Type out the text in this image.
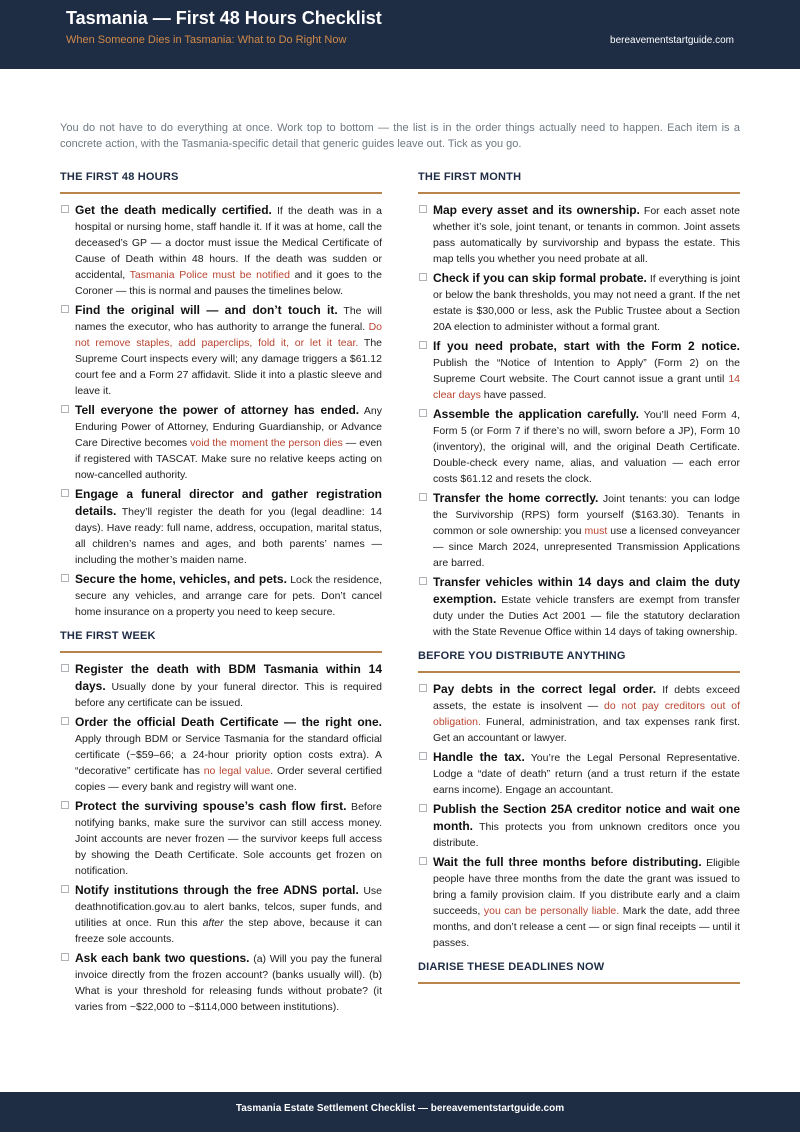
Tasmania — First 48 Hours Checklist
When Someone Dies in Tasmania: What to Do Right Now	bereavementstartguide.com
You do not have to do everything at once. Work top to bottom — the list is in the order things actually need to happen. Each item is a concrete action, with the Tasmania-specific detail that generic guides leave out. Tick as you go.
THE FIRST 48 HOURS
Get the death medically certified. If the death was in a hospital or nursing home, staff handle it. If it was at home, call the deceased’s GP — a doctor must issue the Medical Certificate of Cause of Death within 48 hours. If the death was sudden or accidental, Tasmania Police must be notified and it goes to the Coroner — this is normal and pauses the timelines below.
Find the original will — and don’t touch it. The will names the executor, who has authority to arrange the funeral. Do not remove staples, add paperclips, fold it, or let it tear. The Supreme Court inspects every will; any damage triggers a $61.12 court fee and a Form 27 affidavit. Slide it into a plastic sleeve and leave it.
Tell everyone the power of attorney has ended. Any Enduring Power of Attorney, Enduring Guardianship, or Advance Care Directive becomes void the moment the person dies — even if registered with TASCAT. Make sure no relative keeps acting on now-cancelled authority.
Engage a funeral director and gather registration details. They’ll register the death for you (legal deadline: 14 days). Have ready: full name, address, occupation, marital status, all children’s names and ages, and both parents’ names — including the mother’s maiden name.
Secure the home, vehicles, and pets. Lock the residence, secure any vehicles, and arrange care for pets. Don’t cancel home insurance on a property you need to keep secure.
THE FIRST WEEK
Register the death with BDM Tasmania within 14 days. Usually done by your funeral director. This is required before any certificate can be issued.
Order the official Death Certificate — the right one. Apply through BDM or Service Tasmania for the standard official certificate (~$59–66; a 24-hour priority option costs extra). A “decorative” certificate has no legal value. Order several certified copies — every bank and registry will want one.
Protect the surviving spouse’s cash flow first. Before notifying banks, make sure the survivor can still access money. Joint accounts are never frozen — the survivor keeps full access by showing the Death Certificate. Sole accounts get frozen on notification.
Notify institutions through the free ADNS portal. Use deathnotification.gov.au to alert banks, telcos, super funds, and utilities at once. Run this after the step above, because it can freeze sole accounts.
Ask each bank two questions. (a) Will you pay the funeral invoice directly from the frozen account? (banks usually will). (b) What is your threshold for releasing funds without probate? (it varies from ~$22,000 to ~$114,000 between institutions).
THE FIRST MONTH
Map every asset and its ownership. For each asset note whether it’s sole, joint tenant, or tenants in common. Joint assets pass automatically by survivorship and bypass the estate. This map tells you whether you need probate at all.
Check if you can skip formal probate. If everything is joint or below the bank thresholds, you may not need a grant. If the net estate is $30,000 or less, ask the Public Trustee about a Section 20A election to administer without a formal grant.
If you need probate, start with the Form 2 notice. Publish the “Notice of Intention to Apply” (Form 2) on the Supreme Court website. The Court cannot issue a grant until 14 clear days have passed.
Assemble the application carefully. You’ll need Form 4, Form 5 (or Form 7 if there’s no will, sworn before a JP), Form 10 (inventory), the original will, and the original Death Certificate. Double-check every name, alias, and valuation — each error costs $61.12 and resets the clock.
Transfer the home correctly. Joint tenants: you can lodge the Survivorship (RPS) form yourself ($163.30). Tenants in common or sole ownership: you must use a licensed conveyancer — since March 2024, unrepresented Transmission Applications are barred.
Transfer vehicles within 14 days and claim the duty exemption. Estate vehicle transfers are exempt from transfer duty under the Duties Act 2001 — file the statutory declaration with the State Revenue Office within 14 days of taking ownership.
BEFORE YOU DISTRIBUTE ANYTHING
Pay debts in the correct legal order. If debts exceed assets, the estate is insolvent — do not pay creditors out of obligation. Funeral, administration, and tax expenses rank first. Get an accountant or lawyer.
Handle the tax. You’re the Legal Personal Representative. Lodge a “date of death” return (and a trust return if the estate earns income). Engage an accountant.
Publish the Section 25A creditor notice and wait one month. This protects you from unknown creditors once you distribute.
Wait the full three months before distributing. Eligible people have three months from the date the grant was issued to bring a family provision claim. If you distribute early and a claim succeeds, you can be personally liable. Mark the date, add three months, and don’t release a cent — or sign final receipts — until it passes.
DIARISE THESE DEADLINES NOW
Tasmania Estate Settlement Checklist — bereavementstartguide.com
